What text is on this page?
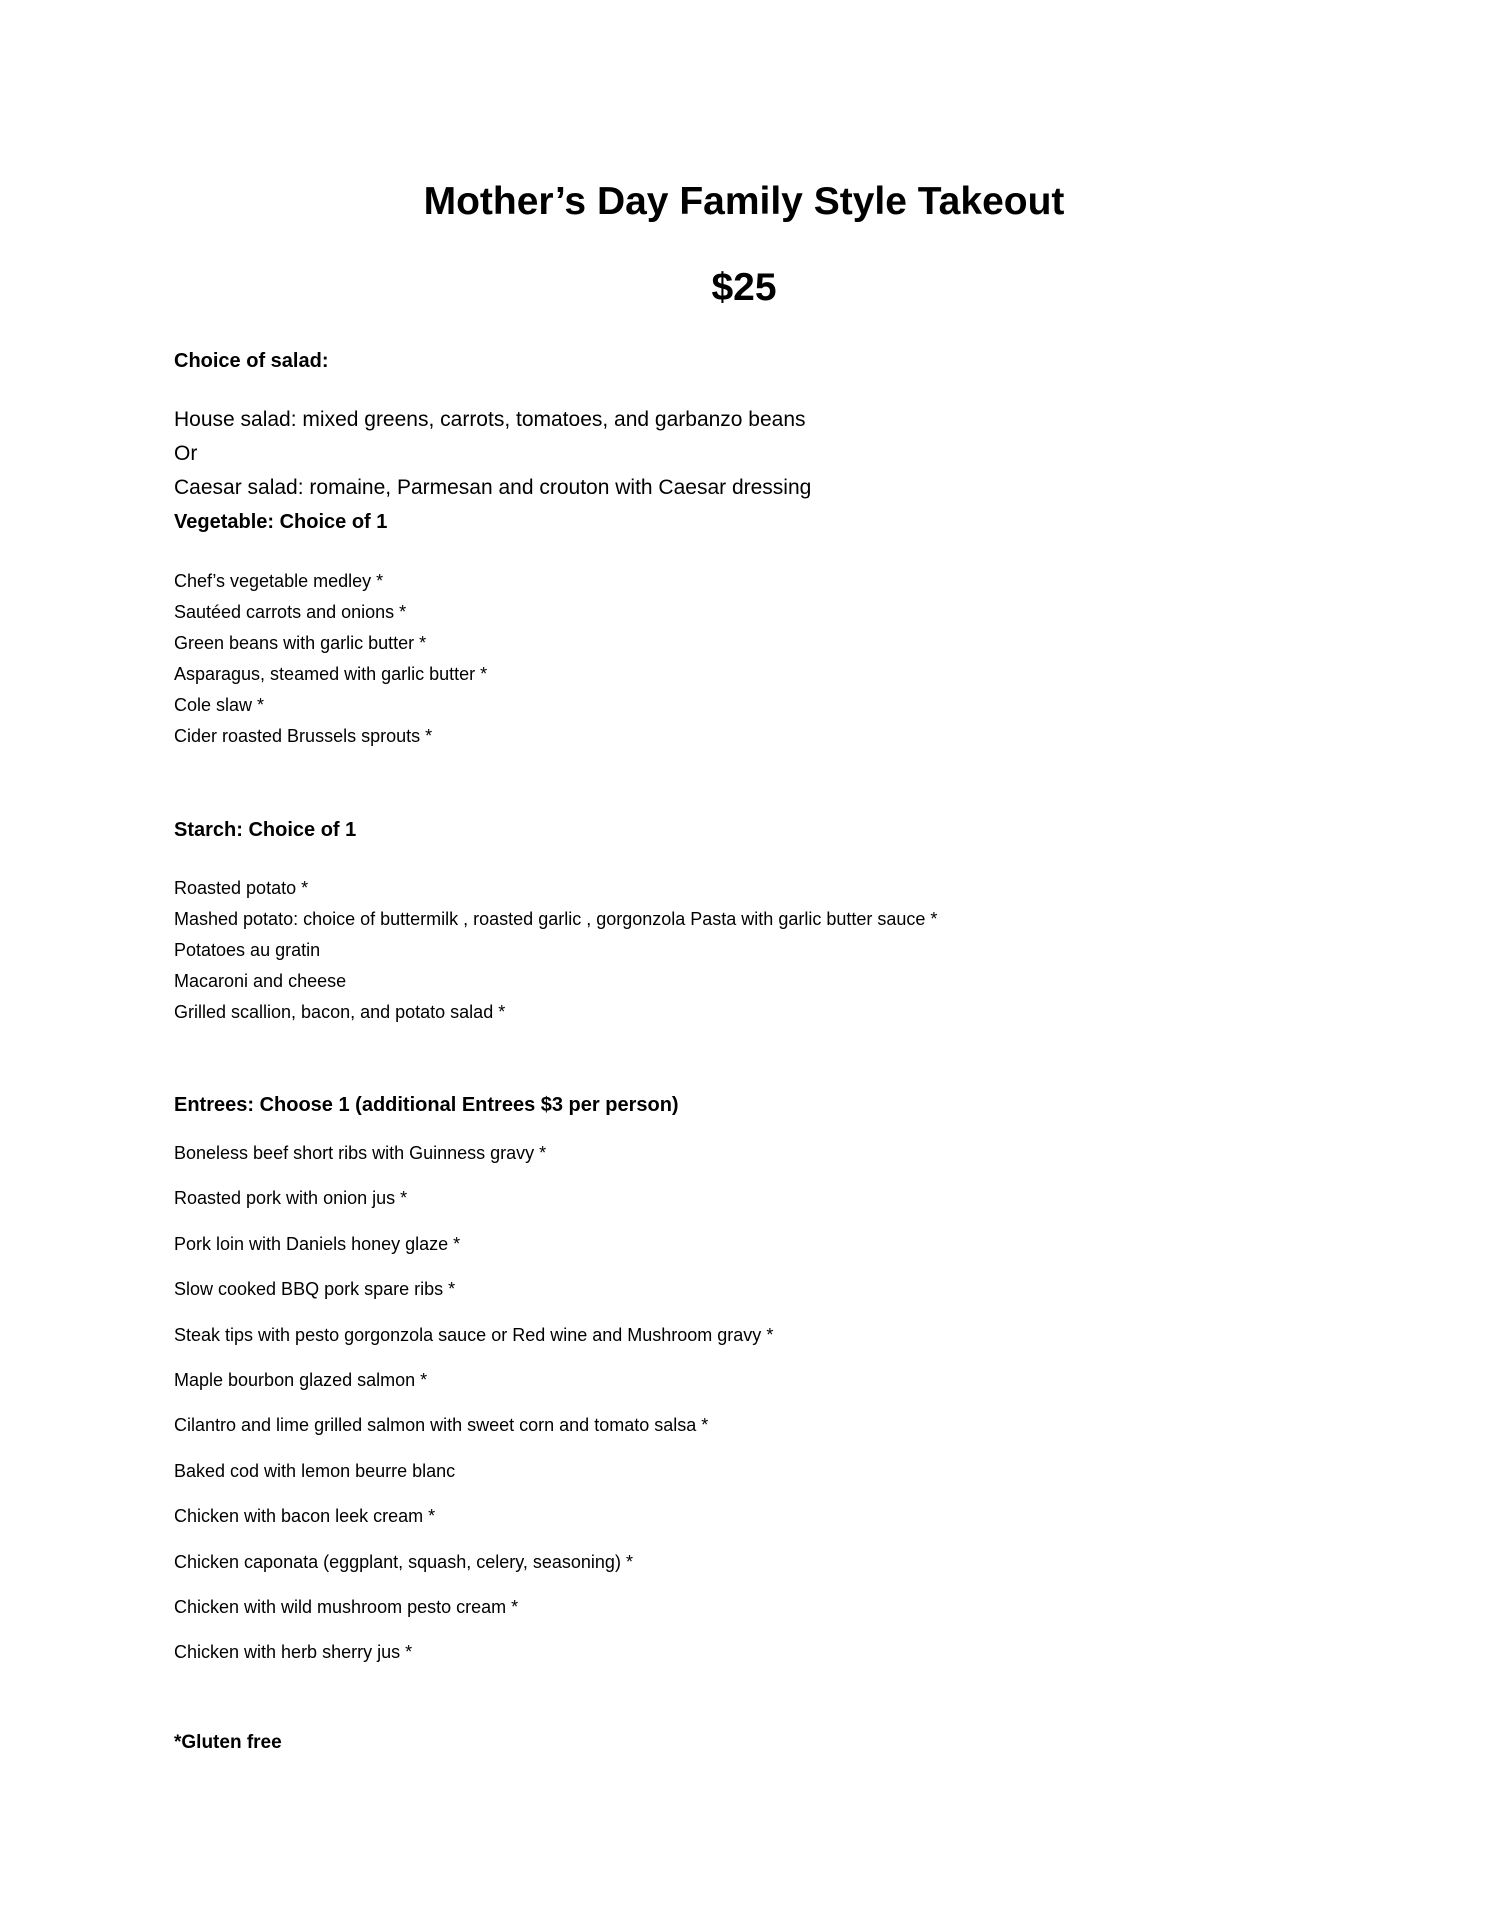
Mother’s Day Family Style Takeout
$25
Choice of salad:
House salad: mixed greens, carrots, tomatoes, and garbanzo beans
Or
Caesar salad: romaine, Parmesan and crouton with Caesar dressing
Vegetable: Choice of 1
Chef’s vegetable medley *
Sautéed carrots and onions *
Green beans with garlic butter *
Asparagus, steamed with garlic butter *
Cole slaw *
Cider roasted Brussels sprouts *
Starch: Choice of 1
Roasted potato *
Mashed potato: choice of buttermilk , roasted garlic , gorgonzola Pasta with garlic butter sauce *
Potatoes au gratin
Macaroni and cheese
Grilled scallion, bacon, and potato salad *
Entrees: Choose 1 (additional Entrees $3 per person)
Boneless beef short ribs with Guinness gravy *
Roasted pork with onion jus *
Pork loin with Daniels honey glaze *
Slow cooked BBQ pork spare ribs *
Steak tips with pesto gorgonzola sauce or Red wine and Mushroom gravy *
Maple bourbon glazed salmon *
Cilantro and lime grilled salmon with sweet corn and tomato salsa *
Baked cod with lemon beurre blanc
Chicken with bacon leek cream *
Chicken caponata (eggplant, squash, celery, seasoning) *
Chicken with wild mushroom pesto cream *
Chicken with herb sherry jus *
*Gluten free
